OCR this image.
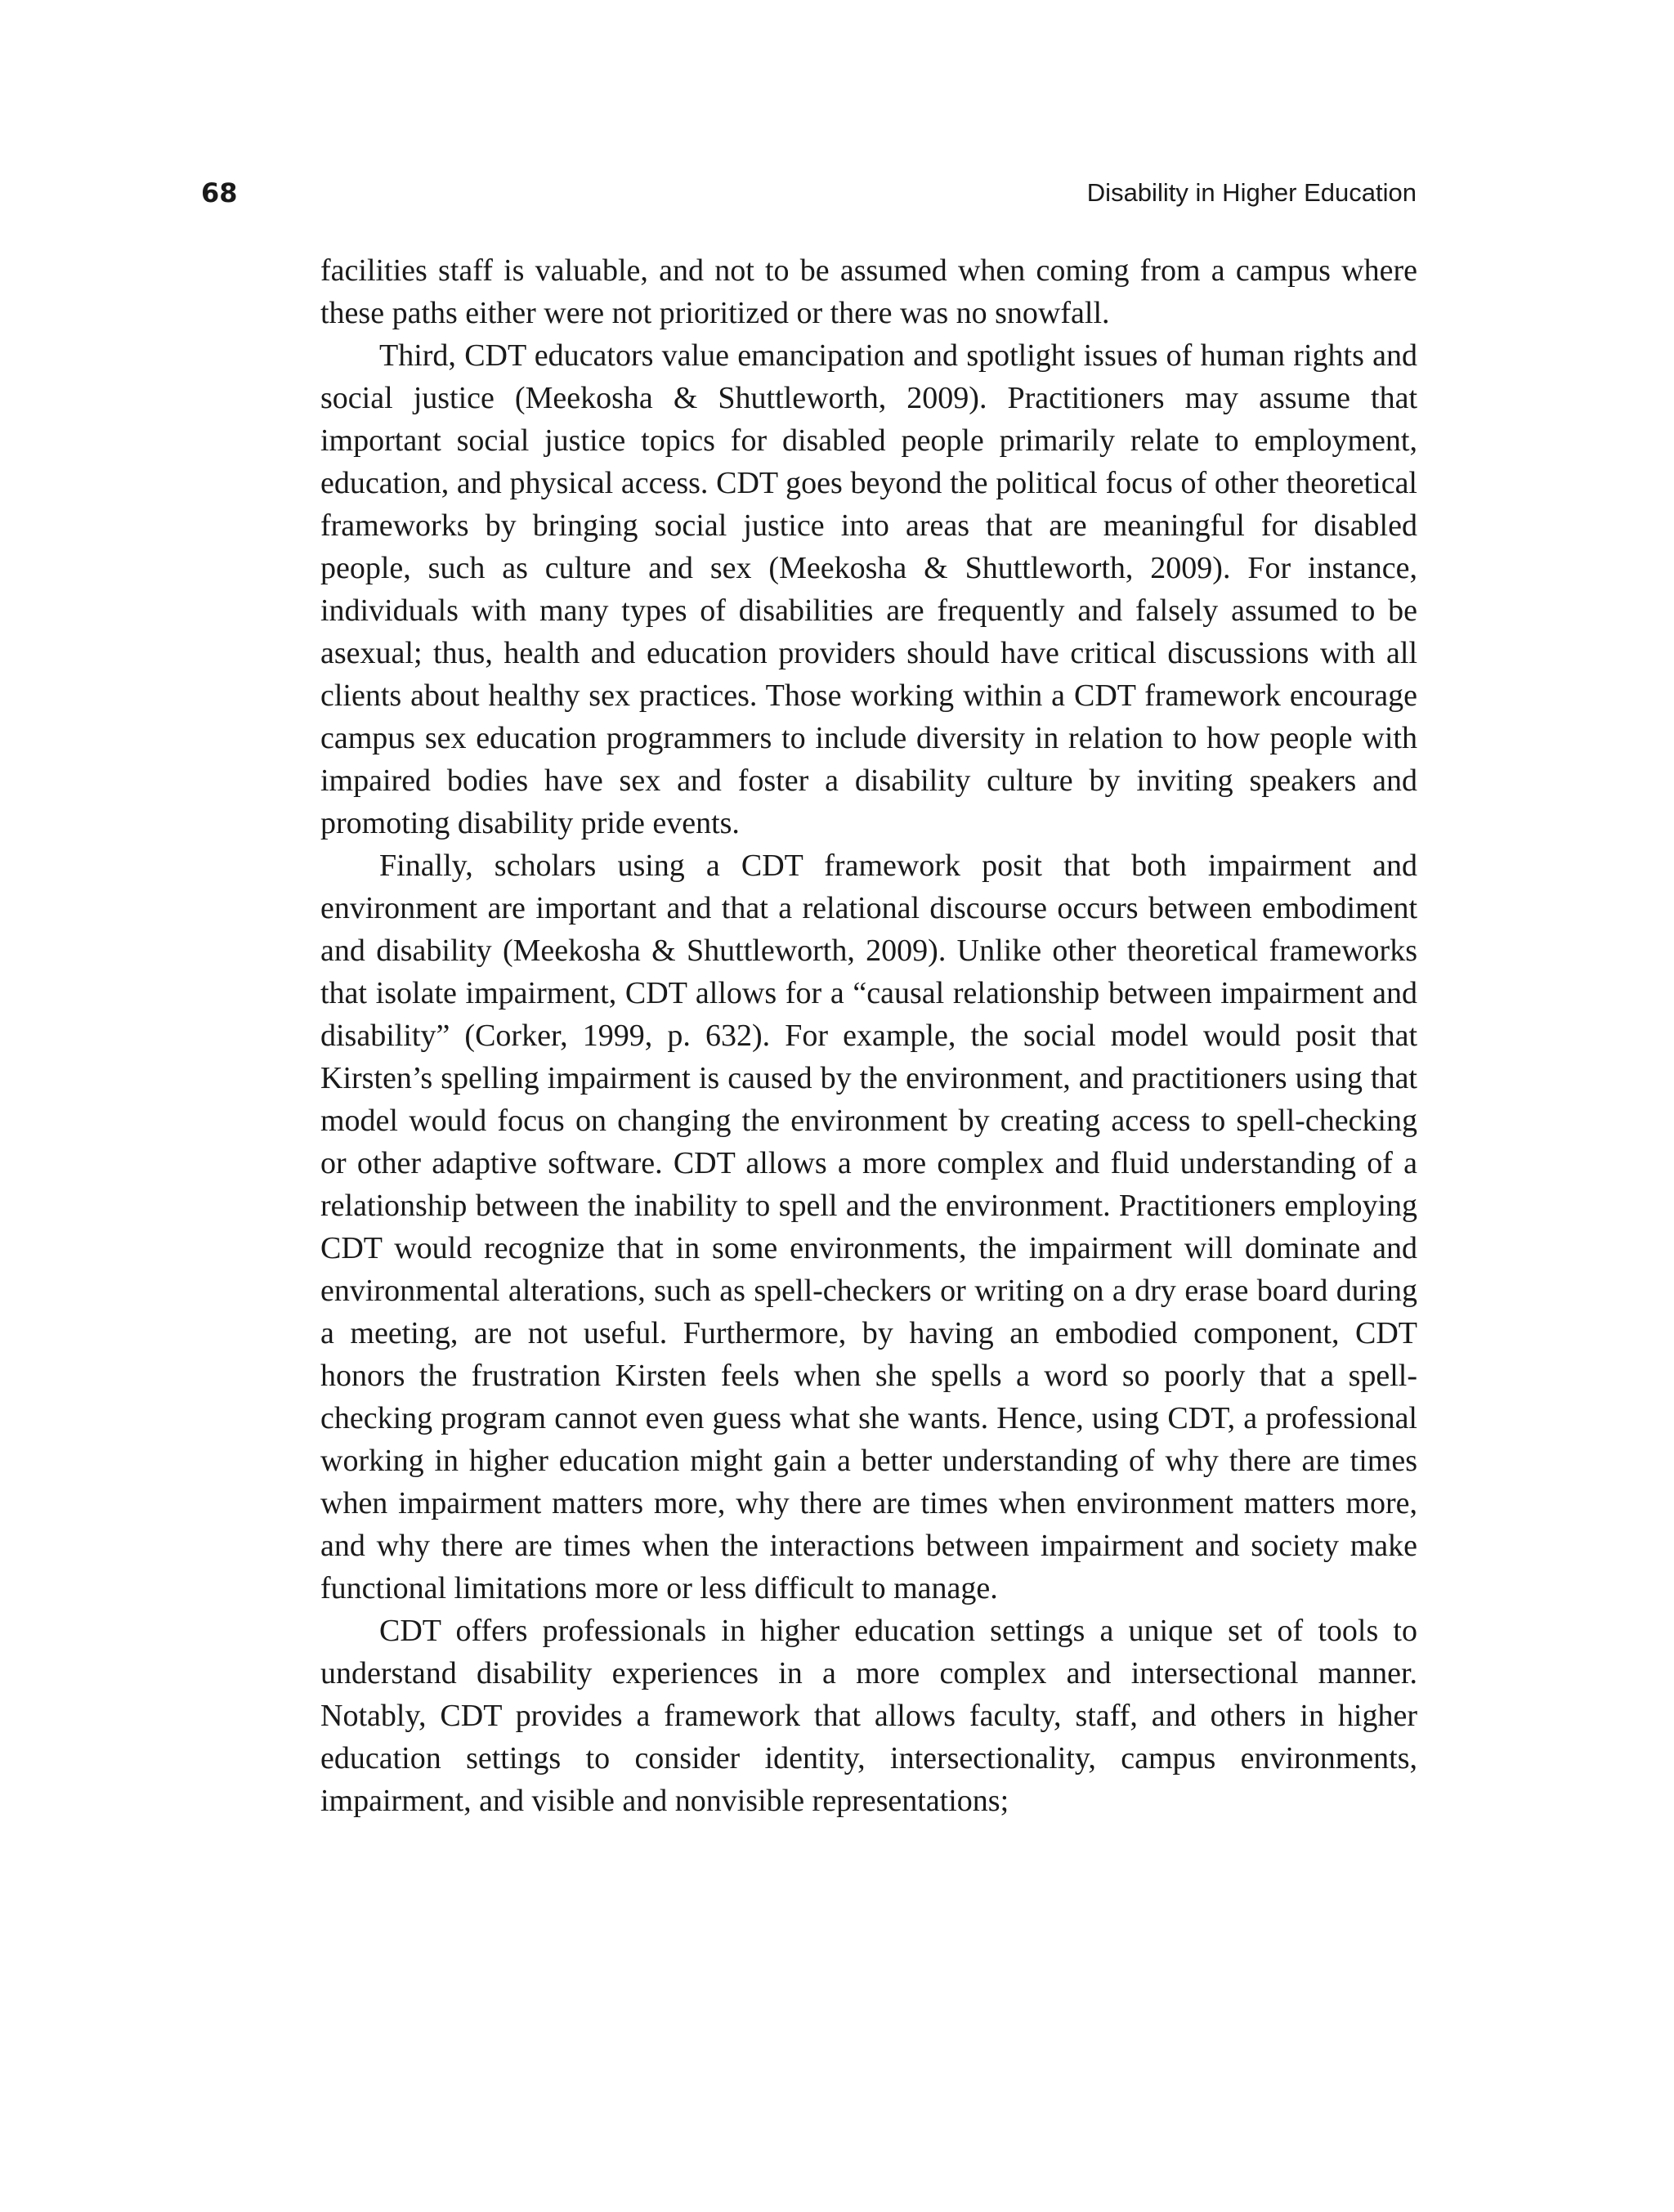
68	Disability in Higher Education

facilities staff is valuable, and not to be assumed when coming from a campus where these paths either were not prioritized or there was no snowfall.

Third, CDT educators value emancipation and spotlight issues of human rights and social justice (Meekosha & Shuttleworth, 2009). Practitioners may assume that important social justice topics for disabled people primarily relate to employment, education, and physical access. CDT goes beyond the political focus of other theoretical frameworks by bringing social justice into areas that are meaningful for disabled people, such as culture and sex (Meekosha & Shuttleworth, 2009). For instance, individuals with many types of disabilities are frequently and falsely assumed to be asexual; thus, health and education providers should have critical discussions with all clients about healthy sex practices. Those working within a CDT framework encourage campus sex education programmers to include diversity in relation to how people with impaired bodies have sex and foster a disability culture by inviting speakers and promoting disability pride events.

Finally, scholars using a CDT framework posit that both impairment and environment are important and that a relational discourse occurs between embodiment and disability (Meekosha & Shuttleworth, 2009). Unlike other theoretical frameworks that isolate impairment, CDT allows for a “causal relationship between impairment and disability” (Corker, 1999, p. 632). For example, the social model would posit that Kirsten’s spelling impairment is caused by the environment, and practitioners using that model would focus on changing the environment by creating access to spell-checking or other adaptive software. CDT allows a more complex and fluid understanding of a relationship between the inability to spell and the environment. Practitioners employing CDT would recognize that in some environments, the impairment will dominate and environmental alterations, such as spell-checkers or writing on a dry erase board during a meeting, are not useful. Furthermore, by having an embodied component, CDT honors the frustration Kirsten feels when she spells a word so poorly that a spell-checking program cannot even guess what she wants. Hence, using CDT, a professional working in higher education might gain a better understanding of why there are times when impairment matters more, why there are times when environment matters more, and why there are times when the interactions between impairment and society make functional limitations more or less difficult to manage.

CDT offers professionals in higher education settings a unique set of tools to understand disability experiences in a more complex and intersectional manner. Notably, CDT provides a framework that allows faculty, staff, and others in higher education settings to consider identity, intersectionality, campus environments, impairment, and visible and nonvisible representations;
